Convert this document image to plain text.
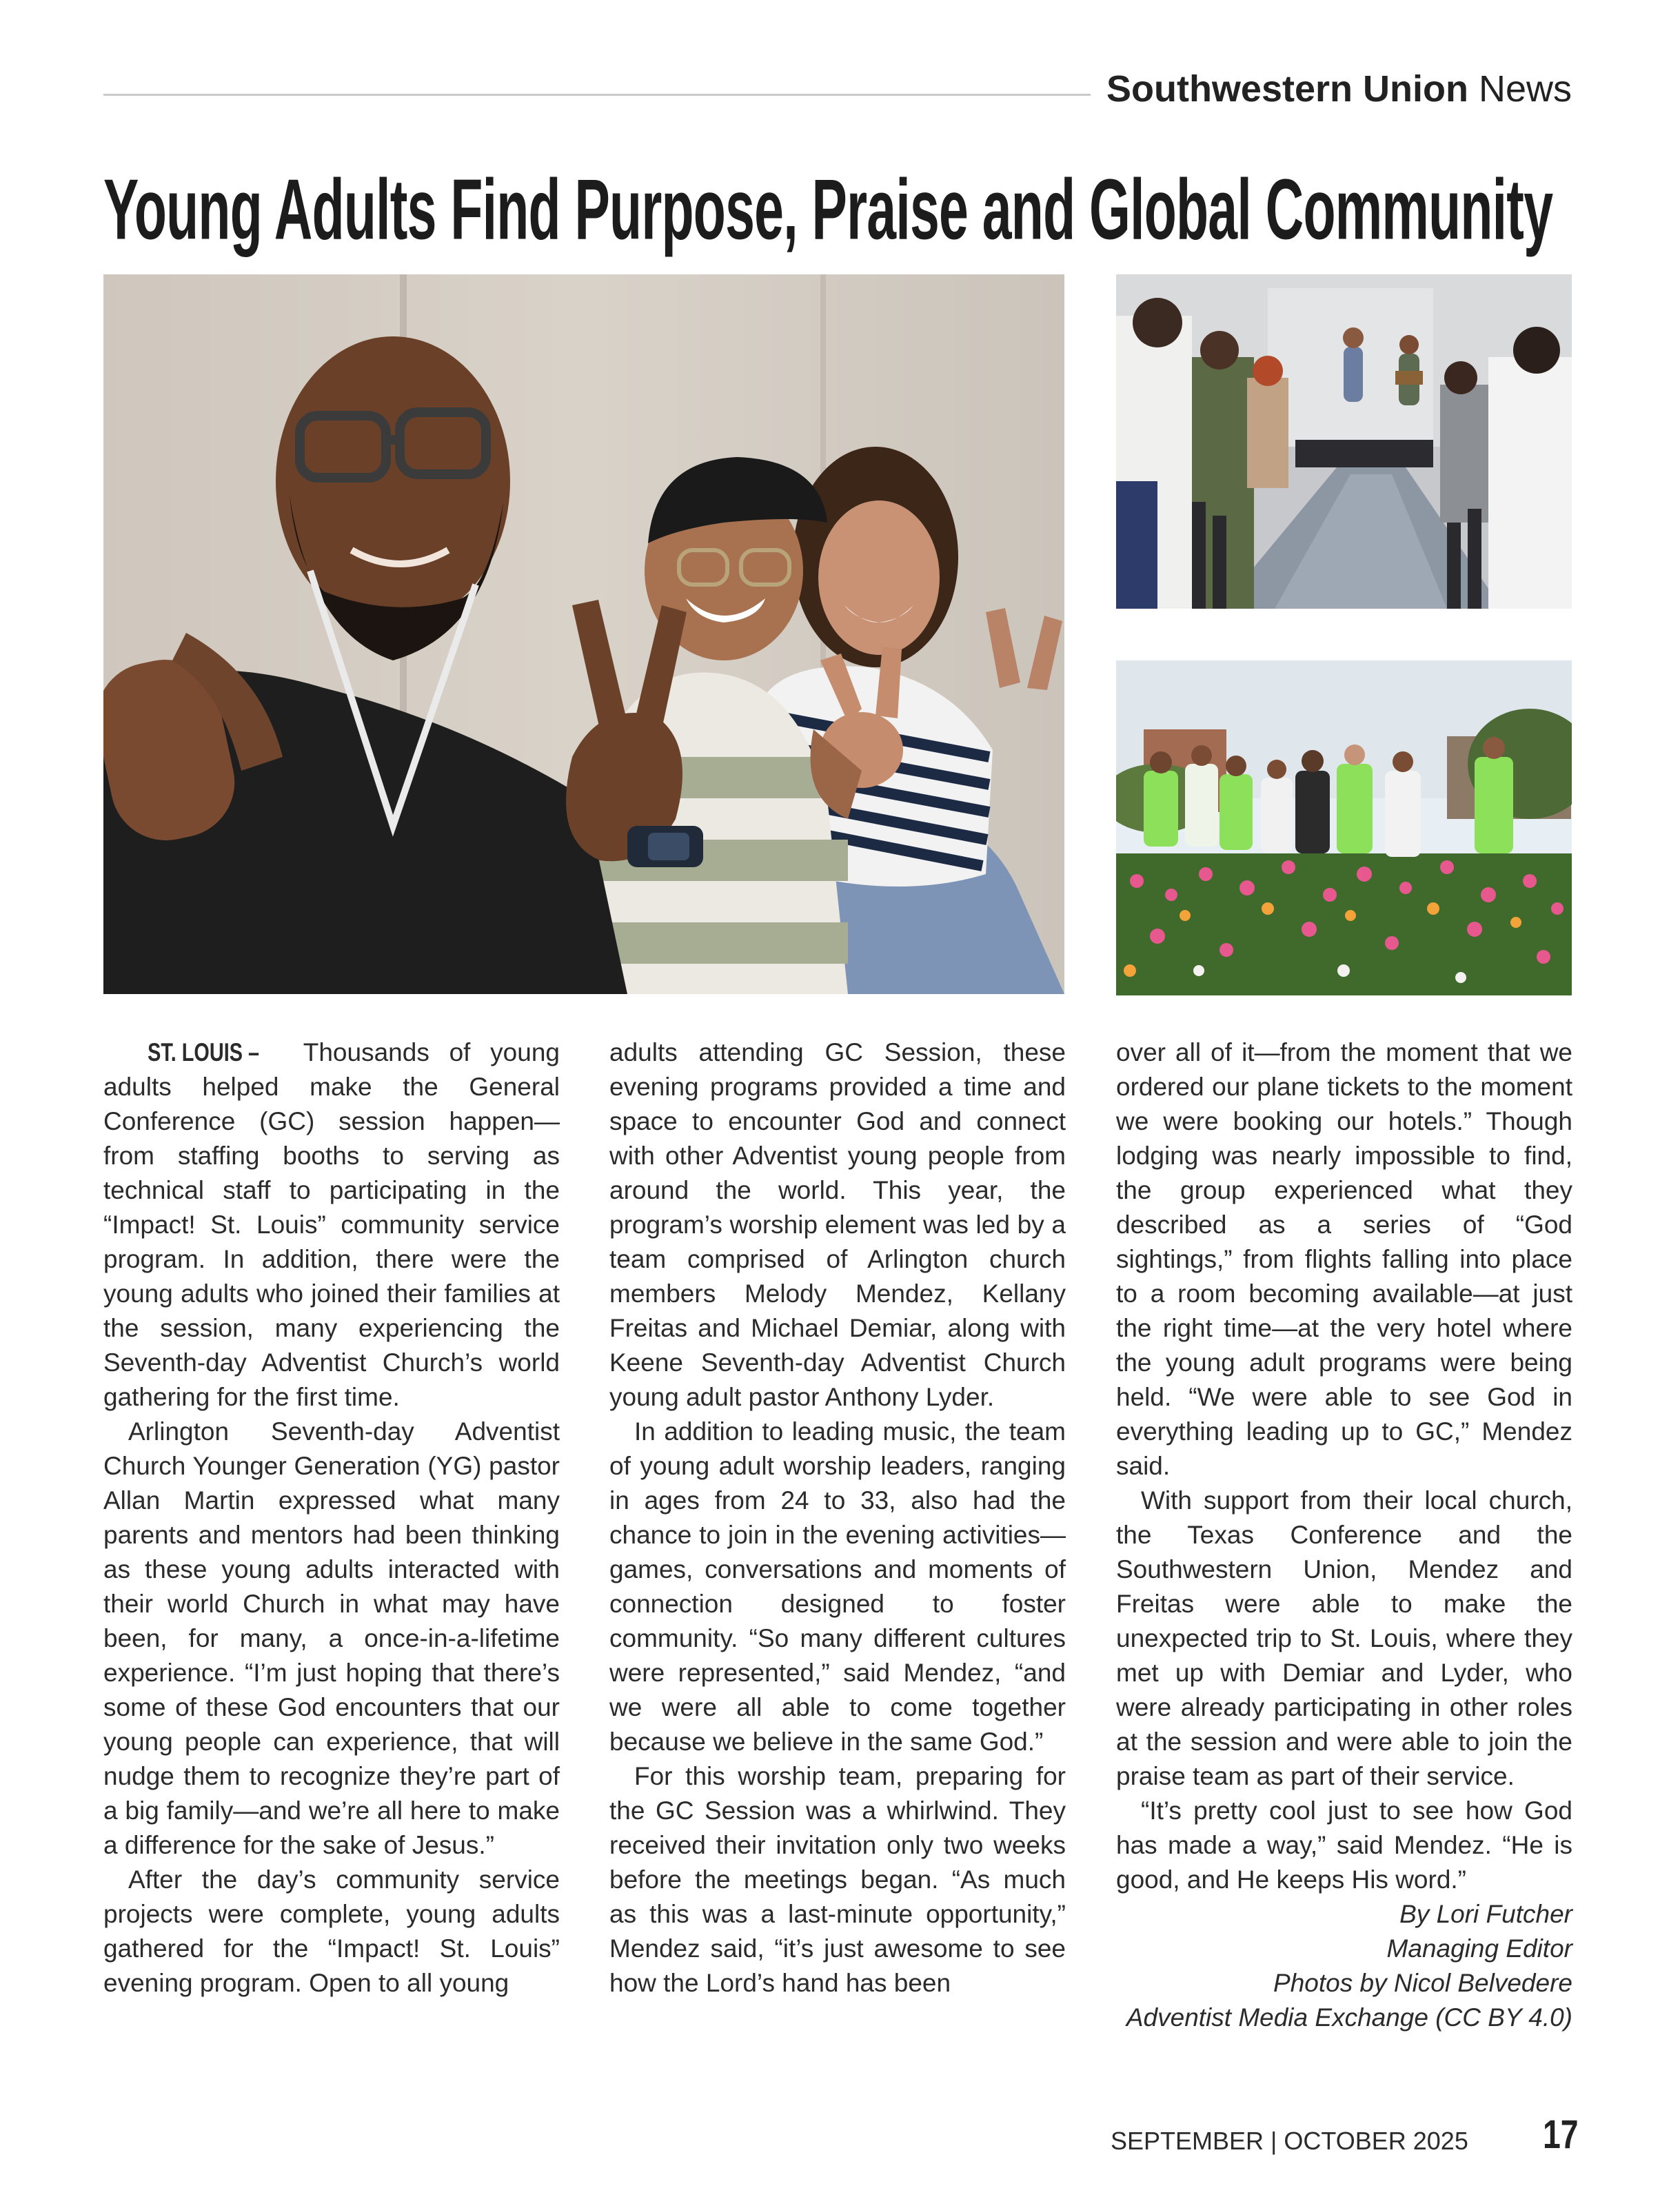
Southwestern Union News
Young Adults Find Purpose, Praise and Global Community

ST. LOUIS – Thousands of young adults helped make the General Conference (GC) session happen—from staffing booths to serving as technical staff to participating in the “Impact! St. Louis” community service program. In addition, there were the young adults who joined their families at the session, many experiencing the Seventh-day Adventist Church’s world gathering for the first time.

Arlington Seventh-day Adventist Church Younger Generation (YG) pastor Allan Martin expressed what many parents and mentors had been thinking as these young adults interacted with their world Church in what may have been, for many, a once-in-a-lifetime experience. “I’m just hoping that there’s some of these God encounters that our young people can experience, that will nudge them to recognize they’re part of a big family—and we’re all here to make a difference for the sake of Jesus.”

After the day’s community service projects were complete, young adults gathered for the “Impact! St. Louis” evening program. Open to all young

adults attending GC Session, these evening programs provided a time and space to encounter God and connect with other Adventist young people from around the world. This year, the program’s worship element was led by a team comprised of Arlington church members Melody Mendez, Kellany Freitas and Michael Demiar, along with Keene Seventh-day Adventist Church young adult pastor Anthony Lyder.

In addition to leading music, the team of young adult worship leaders, ranging in ages from 24 to 33, also had the chance to join in the evening activities—games, conversations and moments of connection designed to foster community. “So many different cultures were represented,” said Mendez, “and we were all able to come together because we believe in the same God.”

For this worship team, preparing for the GC Session was a whirlwind. They received their invitation only two weeks before the meetings began. “As much as this was a last-minute opportunity,” Mendez said, “it’s just awesome to see how the Lord’s hand has been

over all of it—from the moment that we ordered our plane tickets to the moment we were booking our hotels.” Though lodging was nearly impossible to find, the group experienced what they described as a series of “God sightings,” from flights falling into place to a room becoming available—at just the right time—at the very hotel where the young adult programs were being held. “We were able to see God in everything leading up to GC,” Mendez said.

With support from their local church, the Texas Conference and the Southwestern Union, Mendez and Freitas were able to make the unexpected trip to St. Louis, where they met up with Demiar and Lyder, who were already participating in other roles at the session and were able to join the praise team as part of their service.

“It’s pretty cool just to see how God has made a way,” said Mendez. “He is good, and He keeps His word.”

By Lori Futcher
Managing Editor
Photos by Nicol Belvedere
Adventist Media Exchange (CC BY 4.0)
SEPTEMBER | OCTOBER 2025 17
